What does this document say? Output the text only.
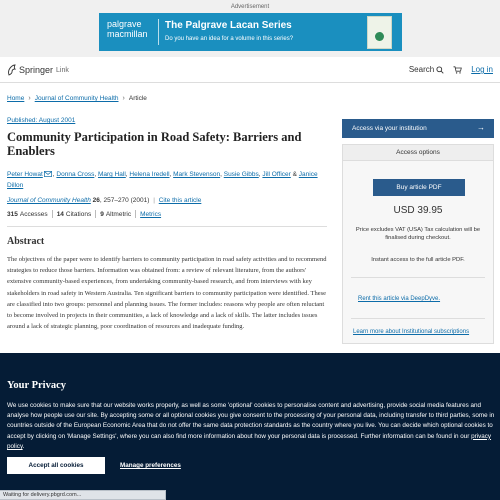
Advertisement
palgrave
macmillan
The Palgrave Lacan Series
Do you have an idea for a volume in this series?
Springer Link	Search	Log in
Home › Journal of Community Health › Article
Published: August 2001
Community Participation in Road Safety: Barriers and Enablers
Peter Howat , Donna Cross, Marg Hall, Helena Iredell, Mark Stevenson, Susie Gibbs, Jill Officer & Janice Dillon
Journal of Community Health 26, 257–270 (2001) | Cite this article
315 Accesses 14 Citations 9 Altmetric Metrics
Abstract

The objectives of the paper were to identify barriers to community participation in road safety activities and to recommend strategies to reduce those barriers. Information was obtained from: a review of relevant literature, from the authors' extensive community-based experiences, from undertaking community-based research, and from interviews with key stakeholders in road safety in Western Australia. Ten significant barriers to community participation were identified. These are classified into two groups: personnel and planning issues. The former includes: reasons why people are often reluctant to become involved in projects in their communities, a lack of knowledge and a lack of skills. The latter includes issues around a lack of strategic planning, poor coordination of resources and inadequate funding.

Access via your institution	→
Access options
Buy article PDF
USD 39.95
Price excludes VAT (USA) Tax calculation will be finalised during checkout.
Instant access to the full article PDF.
Rent this article via DeepDyve.
Learn more about Institutional subscriptions
Your Privacy

We use cookies to make sure that our website works properly, as well as some 'optional' cookies to personalise content and advertising, provide social media features and analyse how people use our site. By accepting some or all optional cookies you give consent to the processing of your personal data, including transfer to third parties, some in countries outside of the European Economic Area that do not offer the same data protection standards as the country where you live. You can decide which optional cookies to accept by clicking on 'Manage Settings', where you can also find more information about how your personal data is processed. Further information can be found in our privacy policy.

Accept all cookies	Manage preferences
Waiting for delivery.pbgrd.com...
